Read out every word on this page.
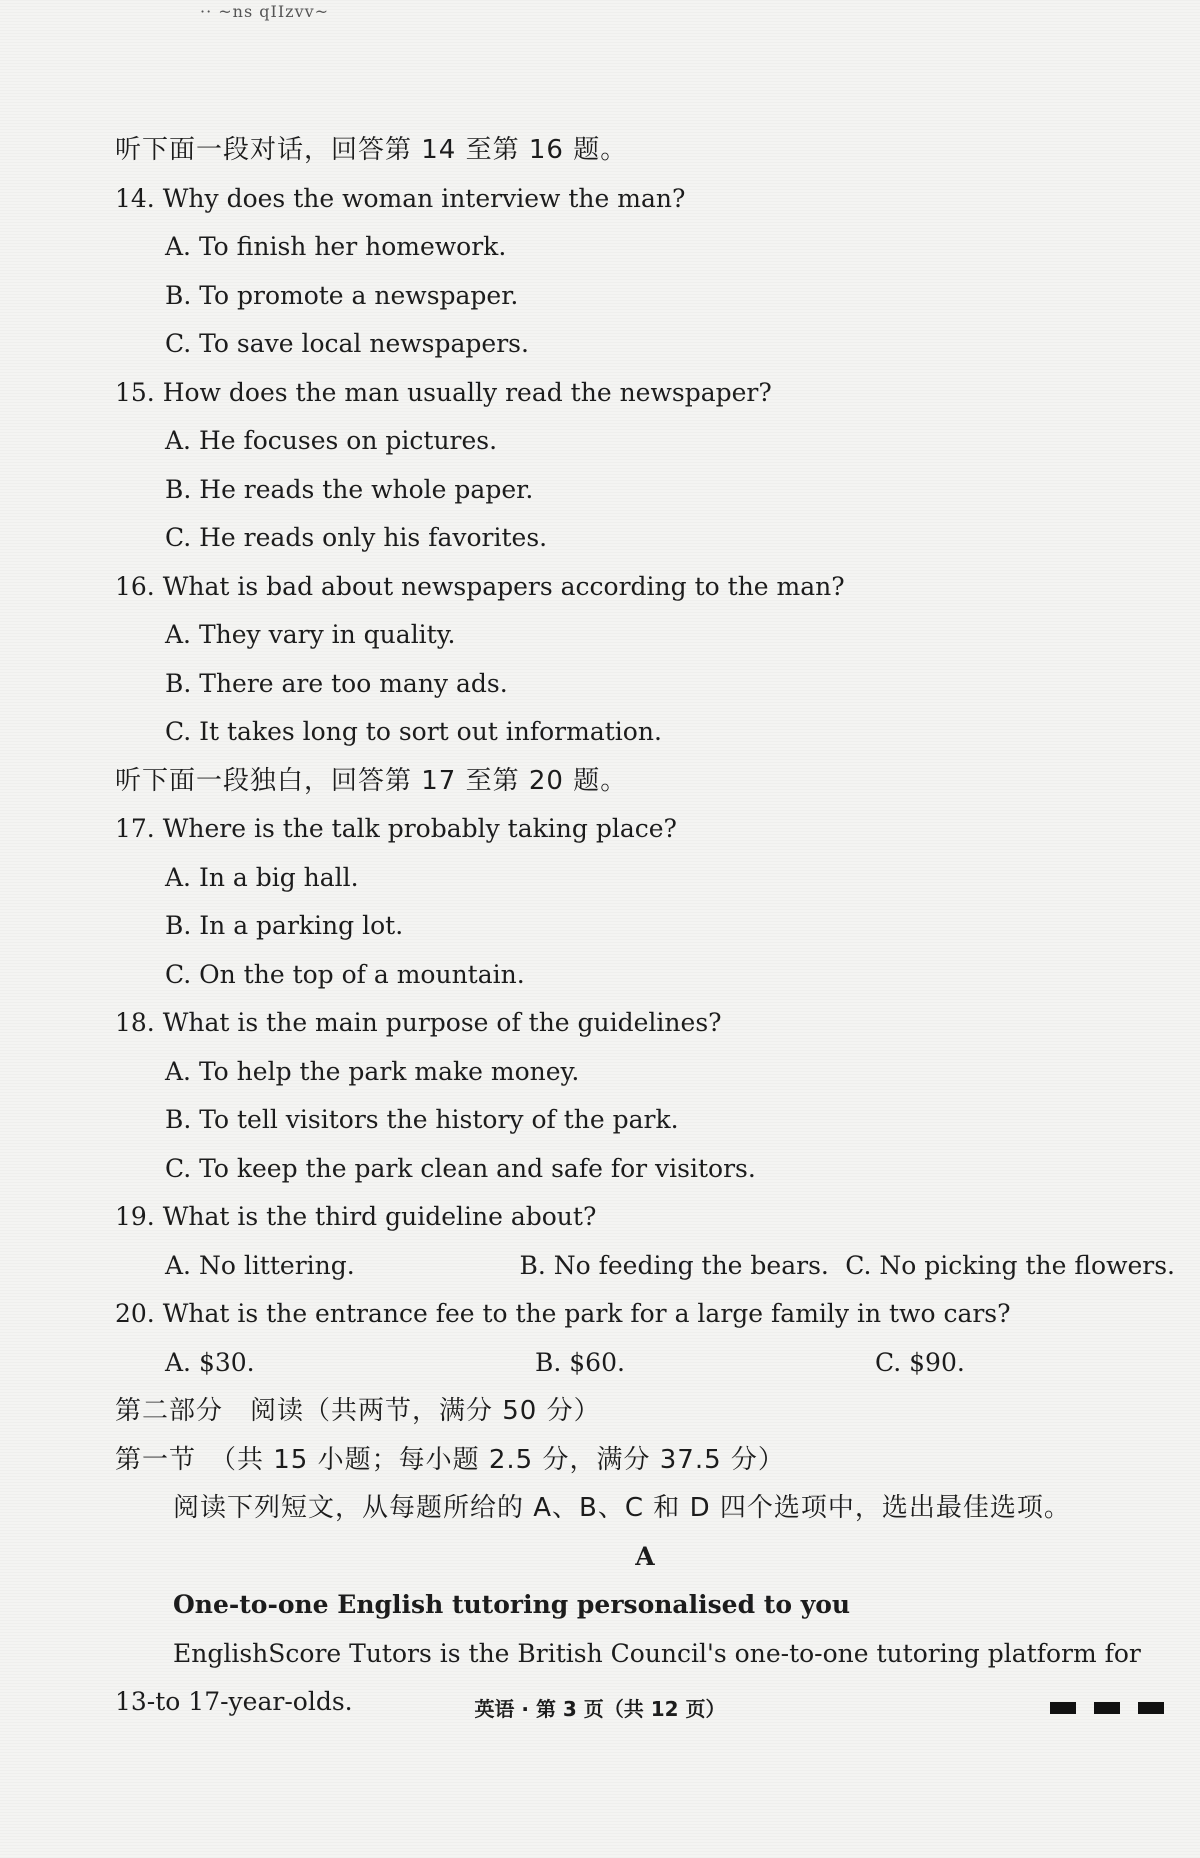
·· ~ns qIIzvv~
听下面一段对话，回答第 14 至第 16 题。
14. Why does the woman interview the man?
A. To finish her homework.
B. To promote a newspaper.
C. To save local newspapers.
15. How does the man usually read the newspaper?
A. He focuses on pictures.
B. He reads the whole paper.
C. He reads only his favorites.
16. What is bad about newspapers according to the man?
A. They vary in quality.
B. There are too many ads.
C. It takes long to sort out information.
听下面一段独白，回答第 17 至第 20 题。
17. Where is the talk probably taking place?
A. In a big hall.
B. In a parking lot.
C. On the top of a mountain.
18. What is the main purpose of the guidelines?
A. To help the park make money.
B. To tell visitors the history of the park.
C. To keep the park clean and safe for visitors.
19. What is the third guideline about?
A. No littering.	B. No feeding the bears. C. No picking the flowers.
20. What is the entrance fee to the park for a large family in two cars?
A. $30.	B. $60.	C. $90.
第二部分　阅读（共两节，满分 50 分）
第一节　（共 15 小题；每小题 2.5 分，满分 37.5 分）
阅读下列短文，从每题所给的 A、B、C 和 D 四个选项中，选出最佳选项。
A
One-to-one English tutoring personalised to you
EnglishScore Tutors is the British Council's one-to-one tutoring platform for 13-to 17-year-olds.	英语 · 第 3 页（共 12 页）
